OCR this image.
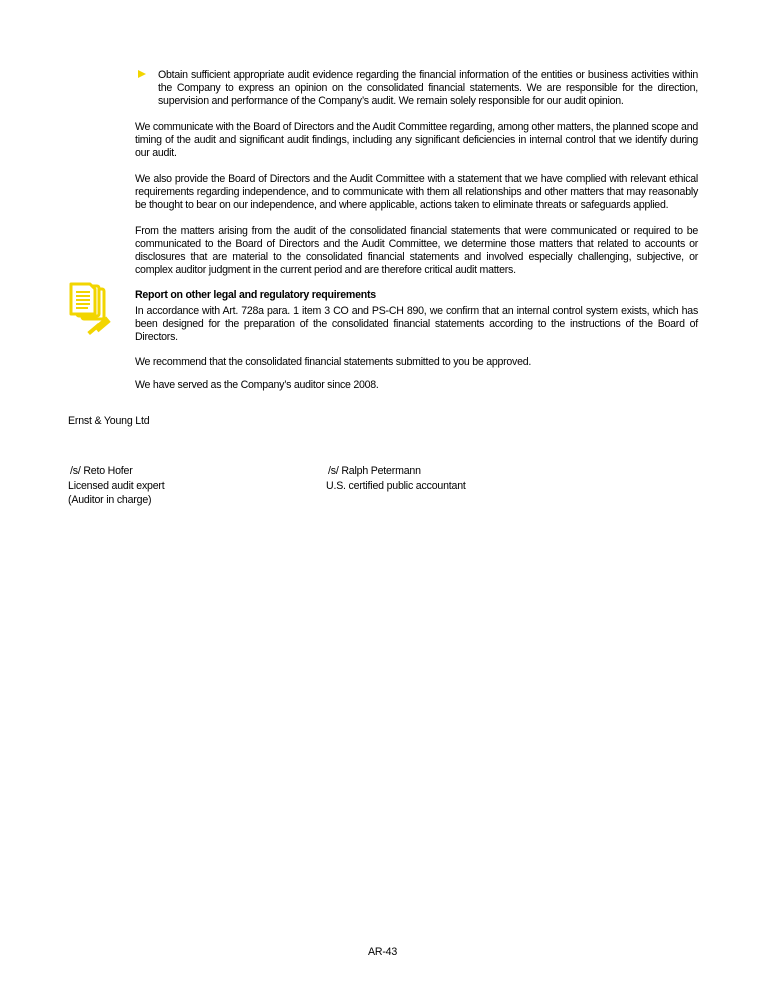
Obtain sufficient appropriate audit evidence regarding the financial information of the entities or business activities within the Company to express an opinion on the consolidated financial statements. We are responsible for the direction, supervision and performance of the Company’s audit. We remain solely responsible for our audit opinion.

We communicate with the Board of Directors and the Audit Committee regarding, among other matters, the planned scope and timing of the audit and significant audit findings, including any significant deficiencies in internal control that we identify during our audit.

We also provide the Board of Directors and the Audit Committee with a statement that we have complied with relevant ethical requirements regarding independence, and to communicate with them all relationships and other matters that may reasonably be thought to bear on our independence, and where applicable, actions taken to eliminate threats or safeguards applied.

From the matters arising from the audit of the consolidated financial statements that were communicated or required to be communicated to the Board of Directors and the Audit Committee, we determine those matters that related to accounts or disclosures that are material to the consolidated financial statements and involved especially challenging, subjective, or complex auditor judgment in the current period and are therefore critical audit matters.

Report on other legal and regulatory requirements

In accordance with Art. 728a para. 1 item 3 CO and PS-CH 890, we confirm that an internal control system exists, which has been designed for the preparation of the consolidated financial statements according to the instructions of the Board of Directors.

We recommend that the consolidated financial statements submitted to you be approved.

We have served as the Company’s auditor since 2008.

Ernst & Young Ltd
/s/ Reto Hofer
Licensed audit expert
(Auditor in charge)
/s/ Ralph Petermann
U.S. certified public accountant
AR-43
